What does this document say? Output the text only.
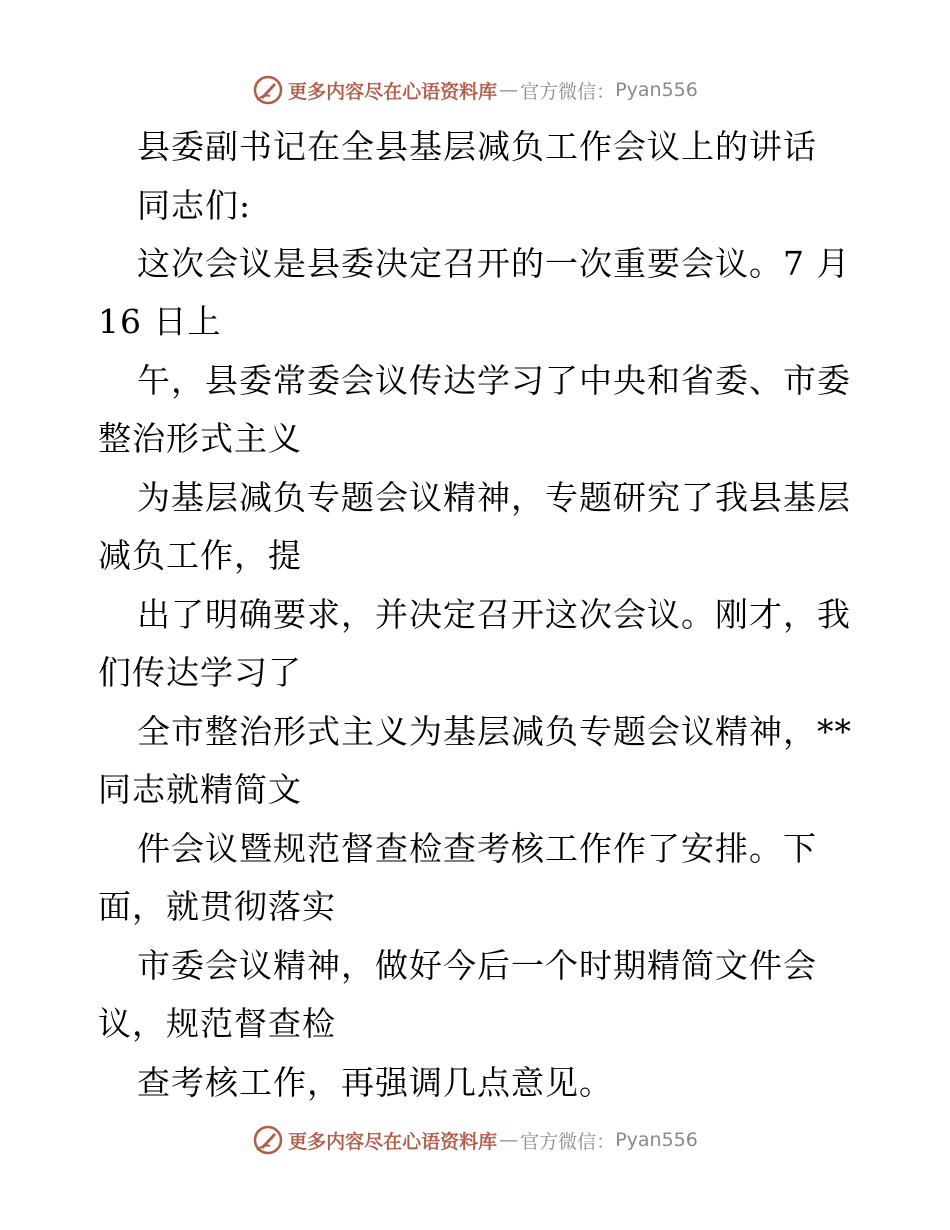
更多内容尽在心语资料库 — 官方微信： Pyan556
县委副书记在全县基层减负工作会议上的讲话
同志们:
这次会议是县委决定召开的一次重要会议。7 月
16 日上
午，县委常委会议传达学习了中央和省委、市委
整治形式主义
为基层减负专题会议精神，专题研究了我县基层
减负工作，提
出了明确要求，并决定召开这次会议。刚才，我
们传达学习了
全市整治形式主义为基层减负专题会议精神，**
同志就精简文
件会议暨规范督查检查考核工作作了安排。下
面，就贯彻落实
市委会议精神，做好今后一个时期精简文件会
议，规范督查检
查考核工作，再强调几点意见。
更多内容尽在心语资料库 — 官方微信： Pyan556
